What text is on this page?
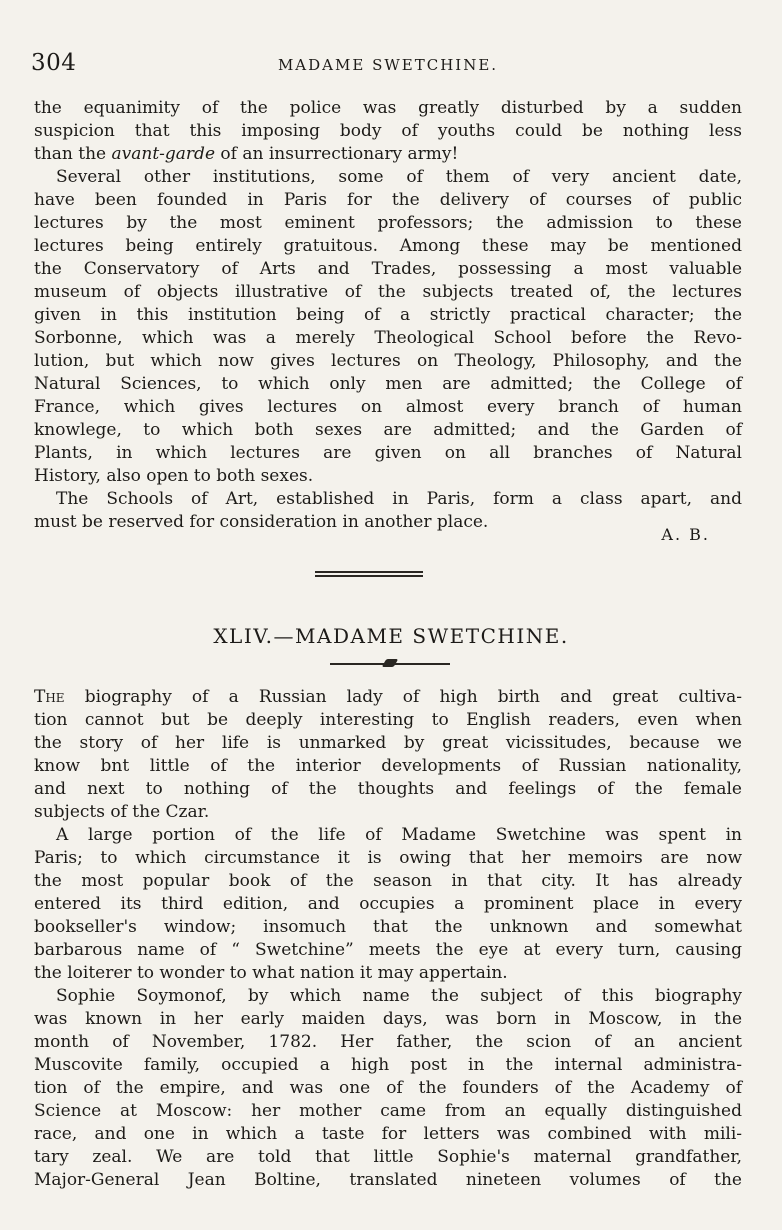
304	MADAME SWETCHINE.
the equanimity of the police was greatly disturbed by a sudden
suspicion that this imposing body of youths could be nothing less
than the avant-garde of an insurrectionary army!
Several other institutions, some of them of very ancient date,
have been founded in Paris for the delivery of courses of public
lectures by the most eminent professors; the admission to these
lectures being entirely gratuitous. Among these may be mentioned
the Conservatory of Arts and Trades, possessing a most valuable
museum of objects illustrative of the subjects treated of, the lectures
given in this institution being of a strictly practical character; the
Sorbonne, which was a merely Theological School before the Revo-
lution, but which now gives lectures on Theology, Philosophy, and the
Natural Sciences, to which only men are admitted; the College of
France, which gives lectures on almost every branch of human
knowlege, to which both sexes are admitted; and the Garden of
Plants, in which lectures are given on all branches of Natural
History, also open to both sexes.
The Schools of Art, established in Paris, form a class apart, and
must be reserved for consideration in another place.
A. B.
XLIV.—MADAME SWETCHINE.
The biography of a Russian lady of high birth and great cultiva-
tion cannot but be deeply interesting to English readers, even when
the story of her life is unmarked by great vicissitudes, because we
know bnt little of the interior developments of Russian nationality,
and next to nothing of the thoughts and feelings of the female
subjects of the Czar.
A large portion of the life of Madame Swetchine was spent in
Paris; to which circumstance it is owing that her memoirs are now
the most popular book of the season in that city. It has already
entered its third edition, and occupies a prominent place in every
bookseller's window; insomuch that the unknown and somewhat
barbarous name of “ Swetchine” meets the eye at every turn, causing
the loiterer to wonder to what nation it may appertain.
Sophie Soymonof, by which name the subject of this biography
was known in her early maiden days, was born in Moscow, in the
month of November, 1782. Her father, the scion of an ancient
Muscovite family, occupied a high post in the internal administra-
tion of the empire, and was one of the founders of the Academy of
Science at Moscow: her mother came from an equally distinguished
race, and one in which a taste for letters was combined with mili-
tary zeal. We are told that little Sophie's maternal grandfather,
Major-General Jean Boltine, translated nineteen volumes of the
